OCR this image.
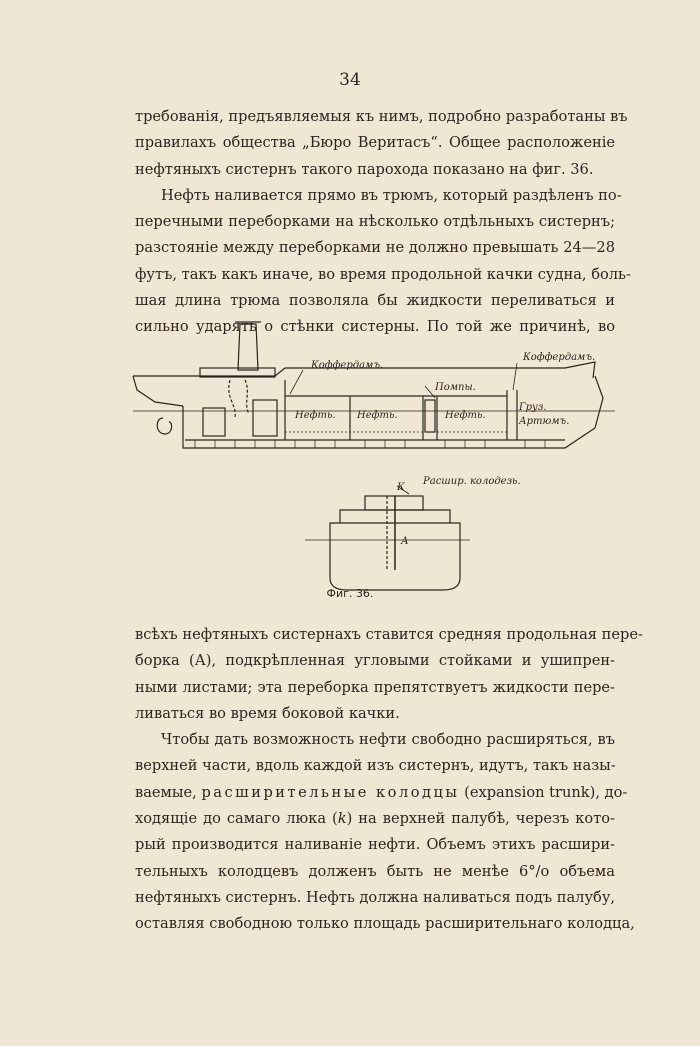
34
требованія, предъявляемыя къ нимъ, подробно разработаны въ
правилахъ общества „Бюро Веритасъ“. Общее расположеніе
нефтяныхъ систернъ такого парохода показано на фиг. 36.
Нефть наливается прямо въ трюмъ, который раздѣленъ по-
перечными переборками на нѣсколько отдѣльныхъ систернъ;
разстояніе между переборками не должно превышать 24—28
футъ, такъ какъ иначе, во время продольной качки судна, боль-
шая длина трюма позволяла бы жидкости переливаться и
сильно ударять о стѣнки систерны. По той же причинѣ, во
Коффердамъ.
Коффердамъ.
Нефть. Нефть.	Нефть.
Помпы.
Груз.
Артюмъ.
Расшир. колодезь.
К
А
Фиг. 36.
всѣхъ нефтяныхъ систернахъ ставится средняя продольная пере-
борка (А), подкрѣпленная угловыми стойками и ушипрен-
ными листами; эта переборка препятствуетъ жидкости пере-
ливаться во время боковой качки.
Чтобы дать возможность нефти свободно расширяться, въ
верхней части, вдоль каждой изъ систернъ, идутъ, такъ назы-
ваемые, расширительные колодцы (expansion trunk), до-
ходящіе до самаго люка (k) на верхней палубѣ, черезъ кото-
рый производится наливаніе нефти. Объемъ этихъ расшири-
тельныхъ колодцевъ долженъ быть не менѣе 6°/о объема
нефтяныхъ систернъ. Нефть должна наливаться подъ палубу,
оставляя свободною только площадь расширительнаго колодца,
